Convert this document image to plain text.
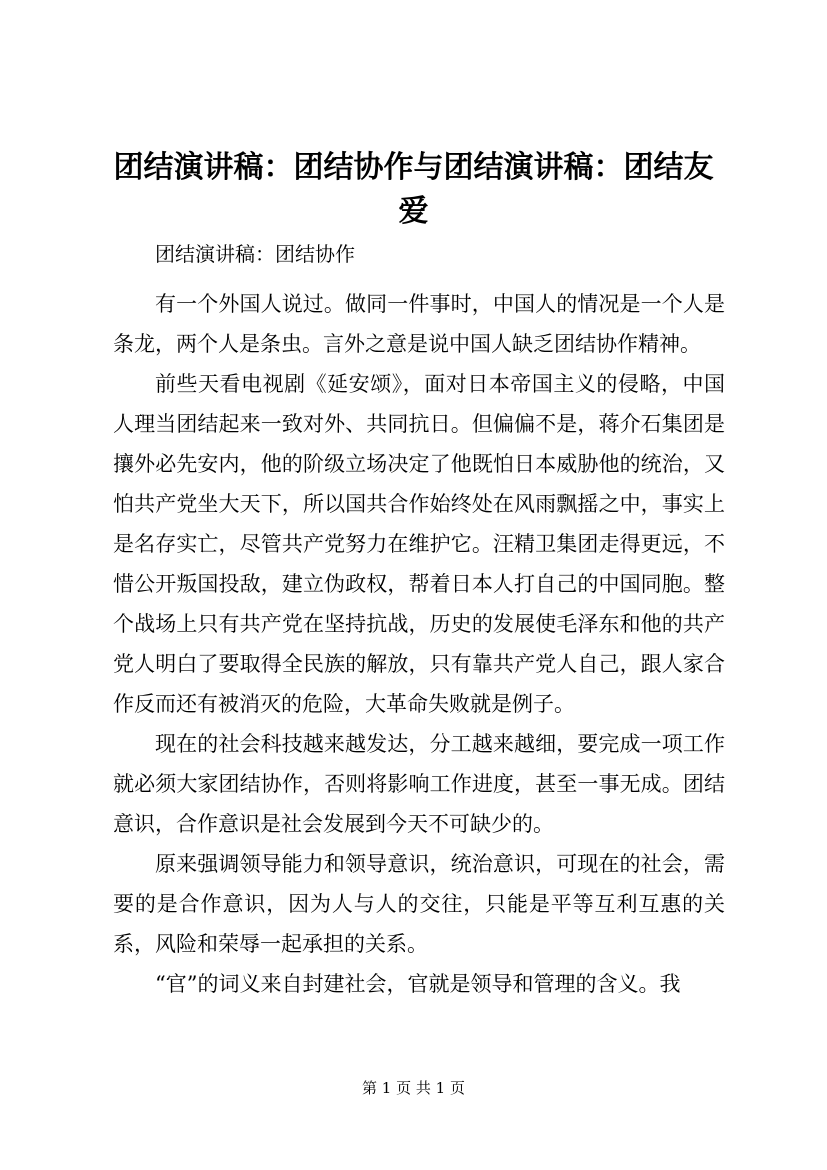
团结演讲稿：团结协作与团结演讲稿：团结友爱
团结演讲稿：团结协作

有一个外国人说过。做同一件事时，中国人的情况是一个人是条龙，两个人是条虫。言外之意是说中国人缺乏团结协作精神。

前些天看电视剧《延安颂》，面对日本帝国主义的侵略，中国人理当团结起来一致对外、共同抗日。但偏偏不是，蒋介石集团是攘外必先安内，他的阶级立场决定了他既怕日本威胁他的统治，又怕共产党坐大天下，所以国共合作始终处在风雨飘摇之中，事实上是名存实亡，尽管共产党努力在维护它。汪精卫集团走得更远，不惜公开叛国投敌，建立伪政权，帮着日本人打自己的中国同胞。整个战场上只有共产党在坚持抗战，历史的发展使毛泽东和他的共产党人明白了要取得全民族的解放，只有靠共产党人自己，跟人家合作反而还有被消灭的危险，大革命失败就是例子。

现在的社会科技越来越发达，分工越来越细，要完成一项工作就必须大家团结协作，否则将影响工作进度，甚至一事无成。团结意识，合作意识是社会发展到今天不可缺少的。

原来强调领导能力和领导意识，统治意识，可现在的社会，需要的是合作意识，因为人与人的交往，只能是平等互利互惠的关系，风险和荣辱一起承担的关系。

“官”的词义来自封建社会，官就是领导和管理的含义。我

第 1 页 共 1 页
